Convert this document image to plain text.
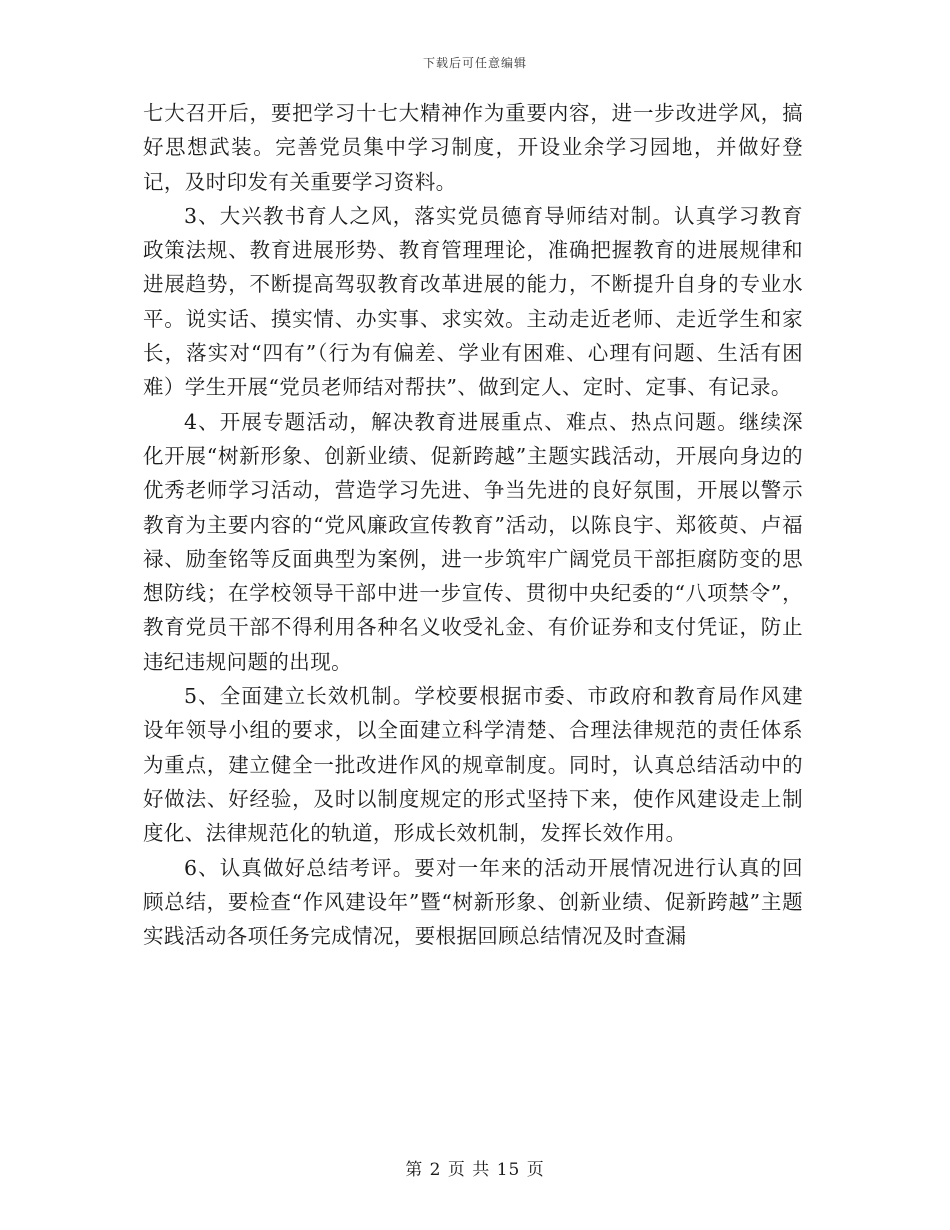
下载后可任意编辑

七大召开后，要把学习十七大精神作为重要内容，进一步改进学风，搞好思想武装。完善党员集中学习制度，开设业余学习园地，并做好登记，及时印发有关重要学习资料。

3、大兴教书育人之风，落实党员德育导师结对制。认真学习教育政策法规、教育进展形势、教育管理理论，准确把握教育的进展规律和进展趋势，不断提高驾驭教育改革进展的能力，不断提升自身的专业水平。说实话、摸实情、办实事、求实效。主动走近老师、走近学生和家长，落实对“四有”（行为有偏差、学业有困难、心理有问题、生活有困难）学生开展“党员老师结对帮扶”、做到定人、定时、定事、有记录。

4、开展专题活动，解决教育进展重点、难点、热点问题。继续深化开展“树新形象、创新业绩、促新跨越”主题实践活动，开展向身边的优秀老师学习活动，营造学习先进、争当先进的良好氛围，开展以警示教育为主要内容的“党风廉政宣传教育”活动，以陈良宇、郑筱萸、卢福禄、励奎铭等反面典型为案例，进一步筑牢广阔党员干部拒腐防变的思想防线；在学校领导干部中进一步宣传、贯彻中央纪委的“八项禁令”，教育党员干部不得利用各种名义收受礼金、有价证券和支付凭证，防止违纪违规问题的出现。

5、全面建立长效机制。学校要根据市委、市政府和教育局作风建设年领导小组的要求，以全面建立科学清楚、合理法律规范的责任体系为重点，建立健全一批改进作风的规章制度。同时，认真总结活动中的好做法、好经验，及时以制度规定的形式坚持下来，使作风建设走上制度化、法律规范化的轨道，形成长效机制，发挥长效作用。

6、认真做好总结考评。要对一年来的活动开展情况进行认真的回顾总结，要检查“作风建设年”暨“树新形象、创新业绩、促新跨越”主题实践活动各项任务完成情况，要根据回顾总结情况及时查漏

第 2 页 共 15 页
